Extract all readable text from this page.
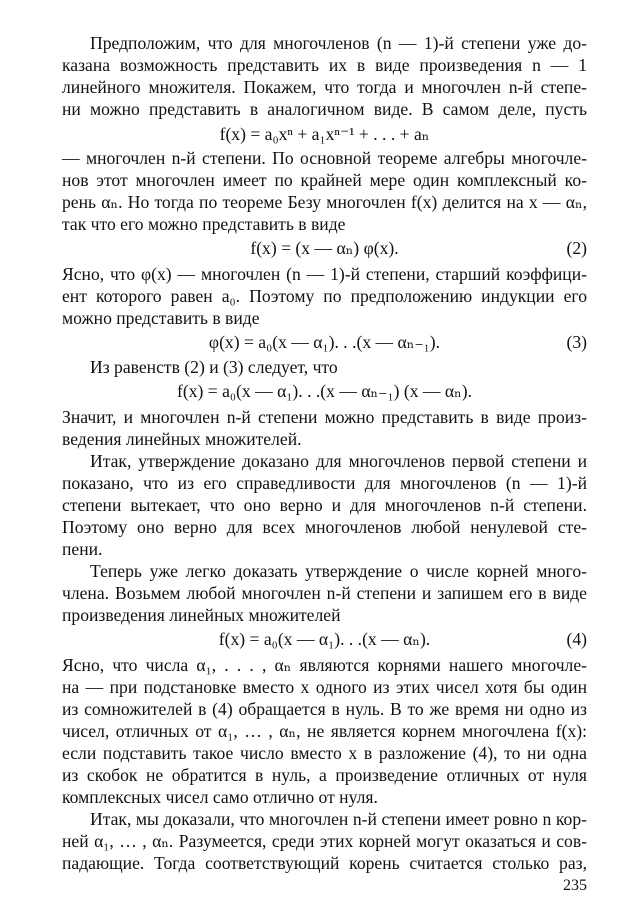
Предположим, что для многочленов (n — 1)-й степени уже до-
казана возможность представить их в виде произведения n — 1
линейного множителя. Покажем, что тогда и многочлен n-й степе-
ни можно представить в аналогичном виде. В самом деле, пусть
f(x) = a₀xⁿ + a₁xⁿ⁻¹ + . . . + aₙ
— многочлен n-й степени. По основной теореме алгебры многочле-
нов этот многочлен имеет по крайней мере один комплексный ко-
рень αₙ. Но тогда по теореме Безу многочлен f(x) делится на x — αₙ,
так что его можно представить в виде
f(x) = (x — αₙ) φ(x).	(2)
Ясно, что φ(x) — многочлен (n — 1)-й степени, старший коэффици-
ент которого равен a₀. Поэтому по предположению индукции его
можно представить в виде
φ(x) = a₀(x — α₁). . .(x — αₙ₋₁).	(3)
Из равенств (2) и (3) следует, что
f(x) = a₀(x — α₁). . .(x — αₙ₋₁) (x — αₙ).
Значит, и многочлен n-й степени можно представить в виде произ-
ведения линейных множителей.
Итак, утверждение доказано для многочленов первой степени и
показано, что из его справедливости для многочленов (n — 1)-й
степени вытекает, что оно верно и для многочленов n-й степени.
Поэтому оно верно для всех многочленов любой ненулевой сте-
пени.
Теперь уже легко доказать утверждение о числе корней много-
члена. Возьмем любой многочлен n-й степени и запишем его в виде
произведения линейных множителей
f(x) = a₀(x — α₁). . .(x — αₙ).	(4)
Ясно, что числа α₁, . . . , αₙ являются корнями нашего многочле-
на — при подстановке вместо x одного из этих чисел хотя бы один
из сомножителей в (4) обращается в нуль. В то же время ни одно из
чисел, отличных от α₁, … , αₙ, не является корнем многочлена f(x):
если подставить такое число вместо x в разложение (4), то ни одна
из скобок не обратится в нуль, а произведение отличных от нуля
комплексных чисел само отлично от нуля.
Итак, мы доказали, что многочлен n-й степени имеет ровно n кор-
ней α₁, … , αₙ. Разумеется, среди этих корней могут оказаться и сов-
падающие. Тогда соответствующий корень считается столько раз,
235
